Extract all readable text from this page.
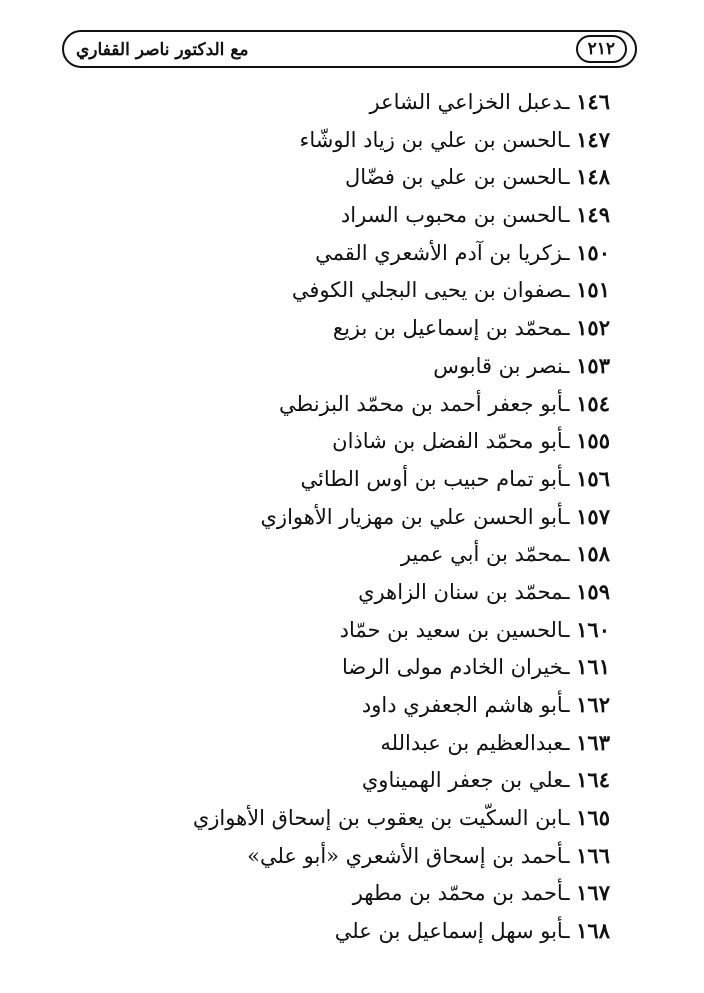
٢١٢
مع الدكتور ناصر القفاري
١٤٦ ـدعبل الخزاعي الشاعر
١٤٧ ـالحسن بن علي بن زياد الوشّاء
١٤٨ ـالحسن بن علي بن فضّال
١٤٩ ـالحسن بن محبوب السراد
١٥٠ ـزكريا بن آدم الأشعري القمي
١٥١ ـصفوان بن يحيى البجلي الكوفي
١٥٢ ـمحمّد بن إسماعيل بن بزيع
١٥٣ ـنصر بن قابوس
١٥٤ ـأبو جعفر أحمد بن محمّد البزنطي
١٥٥ ـأبو محمّد الفضل بن شاذان
١٥٦ ـأبو تمام حبيب بن أوس الطائي
١٥٧ ـأبو الحسن علي بن مهزيار الأهوازي
١٥٨ ـمحمّد بن أبي عمير
١٥٩ ـمحمّد بن سنان الزاهري
١٦٠ ـالحسين بن سعيد بن حمّاد
١٦١ ـخيران الخادم مولى الرضا
١٦٢ ـأبو هاشم الجعفري داود
١٦٣ ـعبدالعظيم بن عبدالله
١٦٤ ـعلي بن جعفر الهميناوي
١٦٥ ـابن السكّيت بن يعقوب بن إسحاق الأهوازي
١٦٦ ـأحمد بن إسحاق الأشعري «أبو علي»
١٦٧ ـأحمد بن محمّد بن مطهر
١٦٨ ـأبو سهل إسماعيل بن علي
